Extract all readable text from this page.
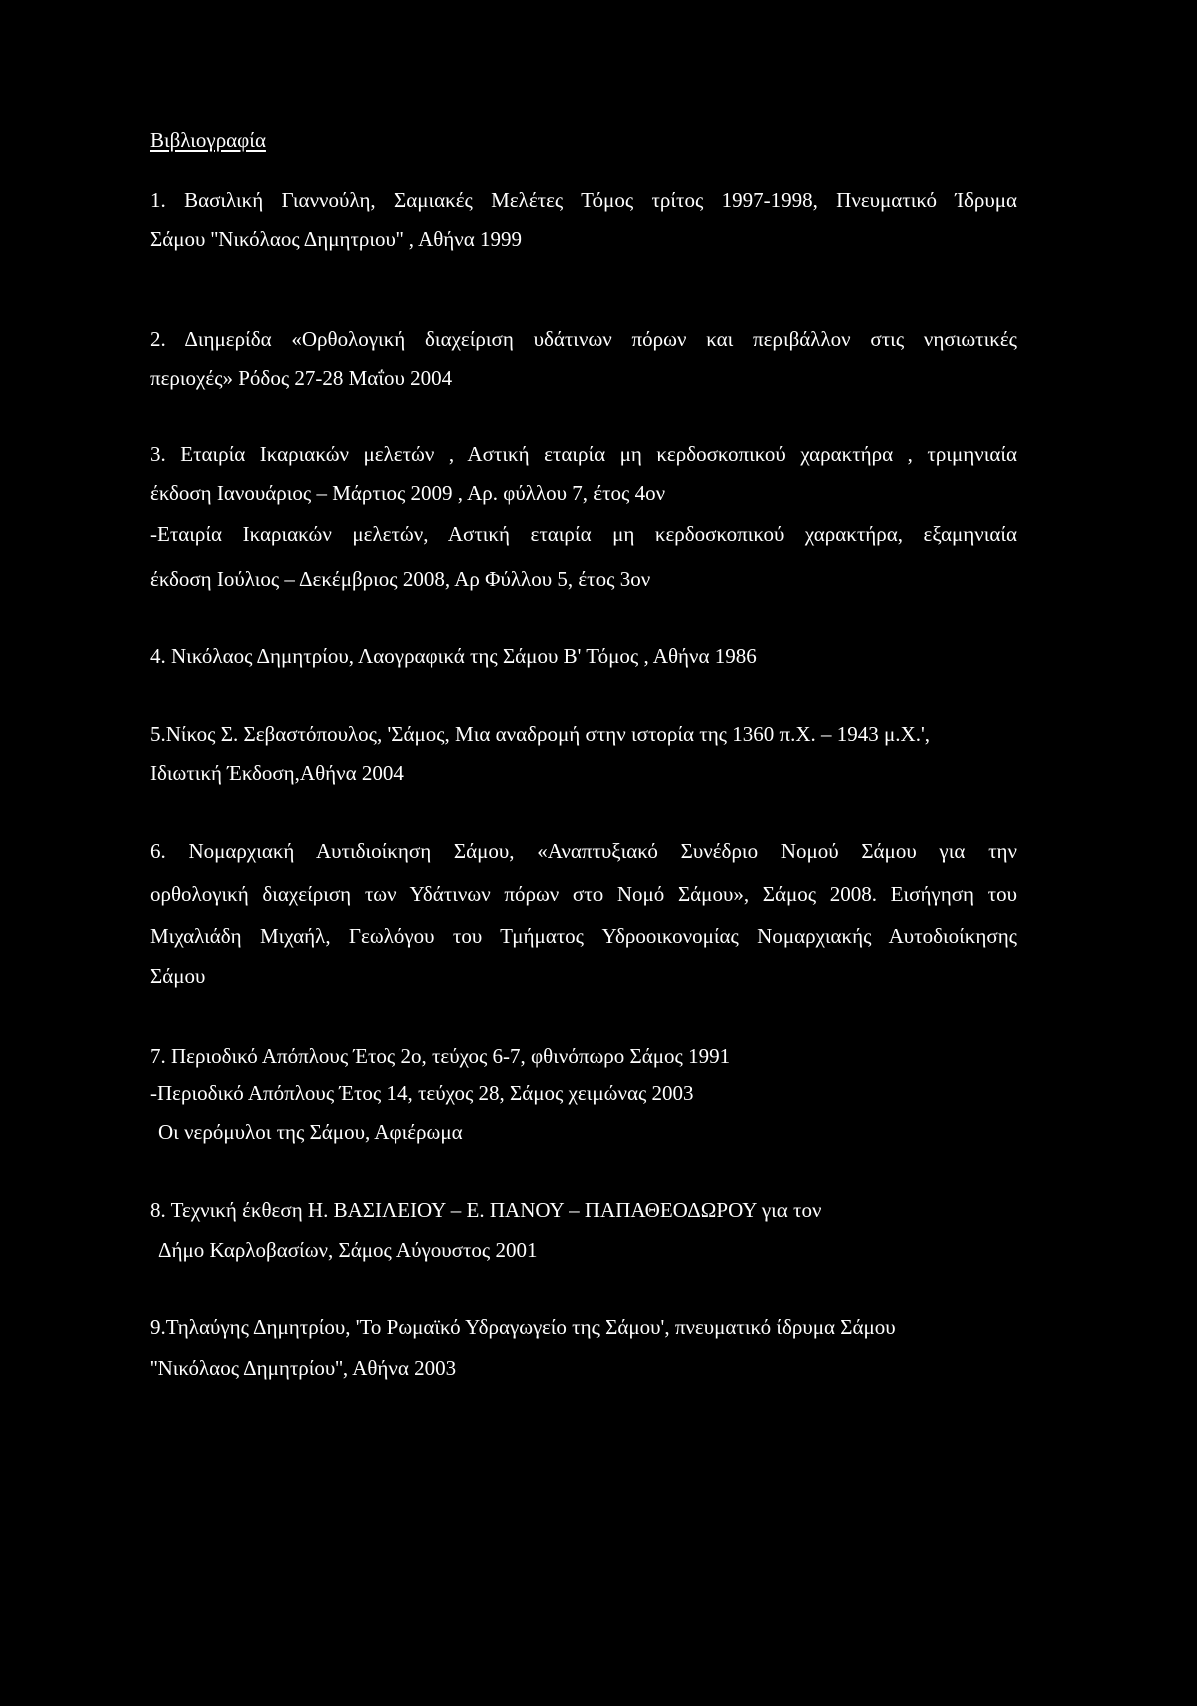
Βιβλιογραφία
1. Βασιλική Γιαννούλη, Σαμιακές Μελέτες Τόμος τρίτος 1997-1998, Πνευματικό Ίδρυμα
Σάμου ''Νικόλαος Δημητριου'' , Αθήνα 1999
2. Διημερίδα «Ορθολογική διαχείριση υδάτινων πόρων και περιβάλλον στις νησιωτικές
περιοχές» Ρόδος 27-28 Μαΐου 2004
3. Εταιρία Ικαριακών μελετών , Αστική εταιρία μη κερδοσκοπικού χαρακτήρα , τριμηνιαία
έκδοση Ιανουάριος – Μάρτιος 2009 , Αρ. φύλλου 7, έτος 4ον
-Εταιρία Ικαριακών μελετών, Αστική εταιρία μη κερδοσκοπικού χαρακτήρα, εξαμηνιαία
έκδοση Ιούλιος – Δεκέμβριος 2008, Αρ Φύλλου 5, έτος 3ον
4. Νικόλαος Δημητρίου, Λαογραφικά της Σάμου Β' Τόμος , Αθήνα 1986
5.Νίκος Σ. Σεβαστόπουλος, 'Σάμος, Μια αναδρομή στην ιστορία της 1360 π.Χ. – 1943 μ.Χ.',
Ιδιωτική Έκδοση,Αθήνα 2004
6. Νομαρχιακή Αυτιδιοίκηση Σάμου, «Αναπτυξιακό Συνέδριο Νομού Σάμου για την
ορθολογική διαχείριση των Υδάτινων πόρων στο Νομό Σάμου», Σάμος 2008. Εισήγηση του
Μιχαλιάδη Μιχαήλ, Γεωλόγου του Τμήματος Υδροοικονομίας Νομαρχιακής Αυτοδιοίκησης
Σάμου
7. Περιοδικό Απόπλους Έτος 2ο, τεύχος 6-7, φθινόπωρο Σάμος 1991
-Περιοδικό Απόπλους Έτος 14, τεύχος 28, Σάμος χειμώνας 2003
Οι νερόμυλοι της Σάμου, Αφιέρωμα
8. Τεχνική έκθεση Η. ΒΑΣΙΛΕΙΟΥ – Ε. ΠΑΝΟΥ – ΠΑΠΑΘΕΟΔΩΡΟΥ για τον
Δήμο Καρλοβασίων, Σάμος Αύγουστος 2001
9.Τηλαύγης Δημητρίου, 'Το Ρωμαϊκό Υδραγωγείο της Σάμου', πνευματικό ίδρυμα Σάμου
''Νικόλαος Δημητρίου'', Αθήνα 2003
